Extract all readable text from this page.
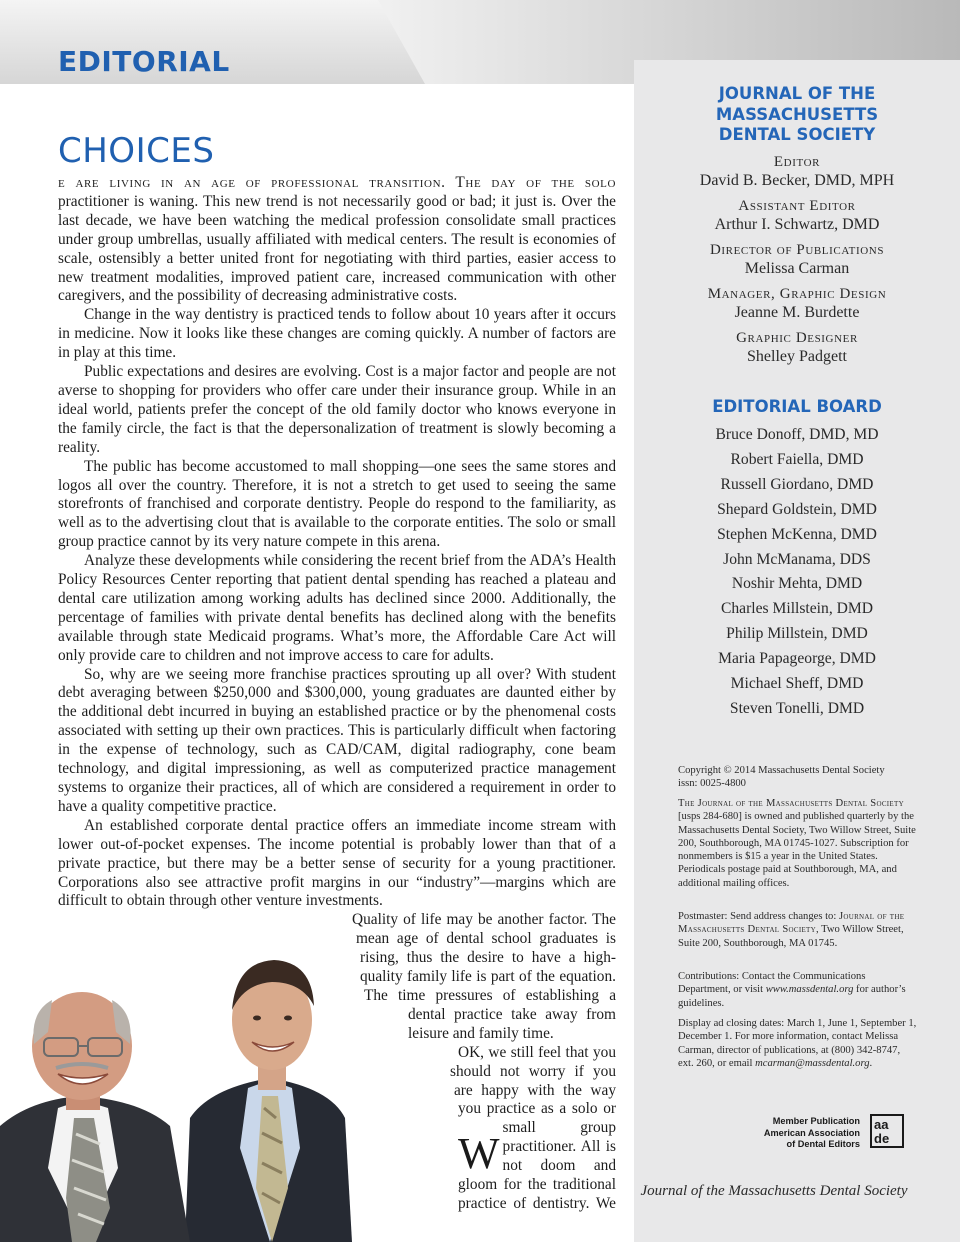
EDITORIAL
JOURNAL OF THE MASSACHUSETTS DENTAL SOCIETY
Editor
David B. Becker, DMD, MPH
Assistant Editor
Arthur I. Schwartz, DMD
Director of Publications
Melissa Carman
Manager, Graphic Design
Jeanne M. Burdette
Graphic Designer
Shelley Padgett
EDITORIAL BOARD
Bruce Donoff, DMD, MD
Robert Faiella, DMD
Russell Giordano, DMD
Shepard Goldstein, DMD
Stephen McKenna, DMD
John McManama, DDS
Noshir Mehta, DMD
Charles Millstein, DMD
Philip Millstein, DMD
Maria Papageorge, DMD
Michael Sheff, DMD
Steven Tonelli, DMD
Copyright © 2014 Massachusetts Dental Society
issn: 0025-4800
The Journal of the Massachusetts Dental Society [usps 284-680] is owned and published quarterly by the Massachusetts Dental Society, Two Willow Street, Suite 200, Southborough, MA 01745-1027. Subscription for nonmembers is $15 a year in the United States. Periodicals postage paid at Southborough, MA, and additional mailing offices.
Postmaster: Send address changes to: Journal of the Massachusetts Dental Society, Two Willow Street, Suite 200, Southborough, MA 01745.
Contributions: Contact the Communications Department, or visit www.massdental.org for author’s guidelines.
Display ad closing dates: March 1, June 1, September 1, December 1. For more information, contact Melissa Carman, director of publications, at (800) 342-8747, ext. 260, or email mcarman@massdental.org.
Member Publication
American Association
of Dental Editors
aa
de
Journal of the Massachusetts Dental Society
CHOICES

W
e are living in an age of professional transition. The day of the solo practitioner is waning. This new trend is not necessarily good or bad; it just is. Over the last decade, we have been watching the medical profession consolidate small practices under group umbrellas, usually affiliated with medical centers. The result is economies of scale, ostensibly a better united front for negotiating with third parties, easier access to new treatment modalities, improved patient care, increased communication with other caregivers, and the possibility of decreasing administrative costs.

Change in the way dentistry is practiced tends to follow about 10 years after it occurs in medicine. Now it looks like these changes are coming quickly. A number of factors are in play at this time.

Public expectations and desires are evolving. Cost is a major factor and people are not averse to shopping for providers who offer care under their insurance group. While in an ideal world, patients prefer the concept of the old family doctor who knows everyone in the family circle, the fact is that the depersonalization of treatment is slowly becoming a reality.

The public has become accustomed to mall shopping—one sees the same stores and logos all over the country. Therefore, it is not a stretch to get used to seeing the same storefronts of franchised and corporate dentistry. People do respond to the familiarity, as well as to the advertising clout that is available to the corporate entities. The solo or small group practice cannot by its very nature compete in this arena.

Analyze these developments while considering the recent brief from the ADA’s Health Policy Resources Center reporting that patient dental spending has reached a plateau and dental care utilization among working adults has declined since 2000. Additionally, the percentage of families with private dental benefits has declined along with the benefits available through state Medicaid programs. What’s more, the Affordable Care Act will only provide care to children and not improve access to care for adults.

So, why are we seeing more franchise practices sprouting up all over? With student debt averaging between $250,000 and $300,000, young graduates are daunted either by the additional debt incurred in buying an established practice or by the phenomenal costs associated with setting up their own practices. This is particularly difficult when factoring in the expense of technology, such as CAD/CAM, digital radiography, cone beam technology, and digital impressioning, as well as computerized practice management systems to organize their practices, all of which are considered a requirement in order to have a quality competitive practice.

An established corporate dental practice offers an immediate income stream with lower out-of-pocket expenses. The income potential is probably lower than that of a private practice, but there may be a better sense of security for a young practitioner. Corporations also see attractive profit margins in our “industry”—margins which are difficult to obtain through other venture investments.

Quality of life may be another factor. The mean age of dental school graduates is rising, thus the desire to have a high-quality family life is part of the equation. The time pressures of establishing a dental practice take away from leisure and family time.

OK, we still feel that you should not worry if you are happy with the way you practice as a solo or small group practitioner. All is not doom and gloom for the traditional practice of dentistry. We
